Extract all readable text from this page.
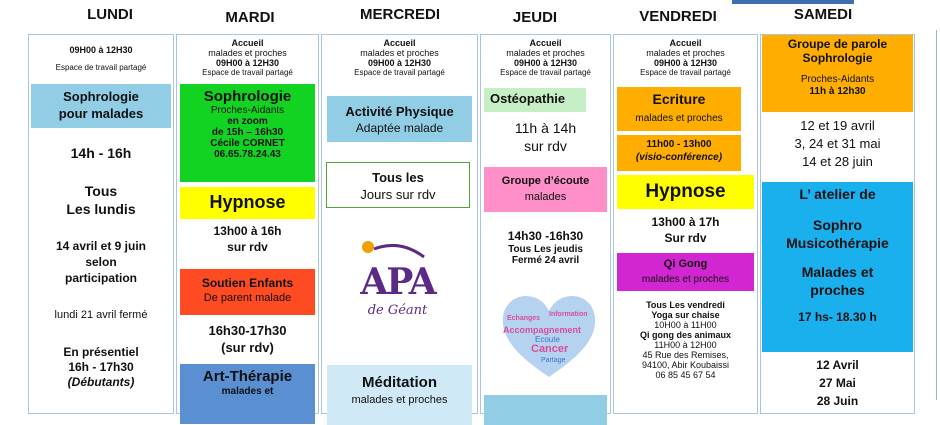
LUNDI	MARDI	MERCREDI	JEUDI	VENDREDI	SAMEDI
09H00 à 12H30
Espace de travail partagé
Sophrologie
pour malades
14h - 16h
Tous
Les lundis
14 avril et 9 juin
selon
participation
lundi 21 avril fermé
En présentiel
16h - 17h30
(Débutants)
Accueil
malades et proches
09H00 à 12H30
Espace de travail partagé
Sophrologie
Proches-Aidants
en zoom
de 15h – 16h30
Cécile CORNET
06.65.78.24.43
Hypnose
13h00 à 16h
sur rdv
Soutien Enfants
De parent malade
16h30-17h30
(sur rdv)
Art-Thérapie
malades et
Accueil
malades et proches
09H00 à 12H30
Espace de travail partagé
Activité Physique
Adaptée malade
Tous les
Jours sur rdv
APA
de Géant
Méditation
malades et proches
Accueil
malades et proches
09H00 à 12H30
Espace de travail partagé
Ostéopathie
11h à 14h
sur rdv
Groupe d’écoute
malades
14h30 -16h30
Tous Les jeudis
Fermé 24 avril
Echanges
Information
Accompagnement
Ecoute
Cancer
Partage
Accueil
malades et proches
09H00 à 12H30
Espace de travail partagé
Ecriture
malades et proches
11h00 - 13h00
(visio-conférence)
Hypnose
13h00 à 17h
Sur rdv
Qi Gong
malades et proches
Tous Les vendredi
Yoga sur chaise
10H00 à 11H00
Qi gong des animaux
11H00 à 12H00
45 Rue des Remises,
94100, Abir Koubaissi
06 85 45 67 54
Groupe de parole
Sophrologie
Proches-Aidants
11h à 12h30
12 et 19 avril
3, 24 et 31 mai
14 et 28 juin
L’ atelier de
Sophro
Musicothérapie
Malades et
proches
17 hs- 18.30 h
12 Avril
27 Mai
28 Juin
